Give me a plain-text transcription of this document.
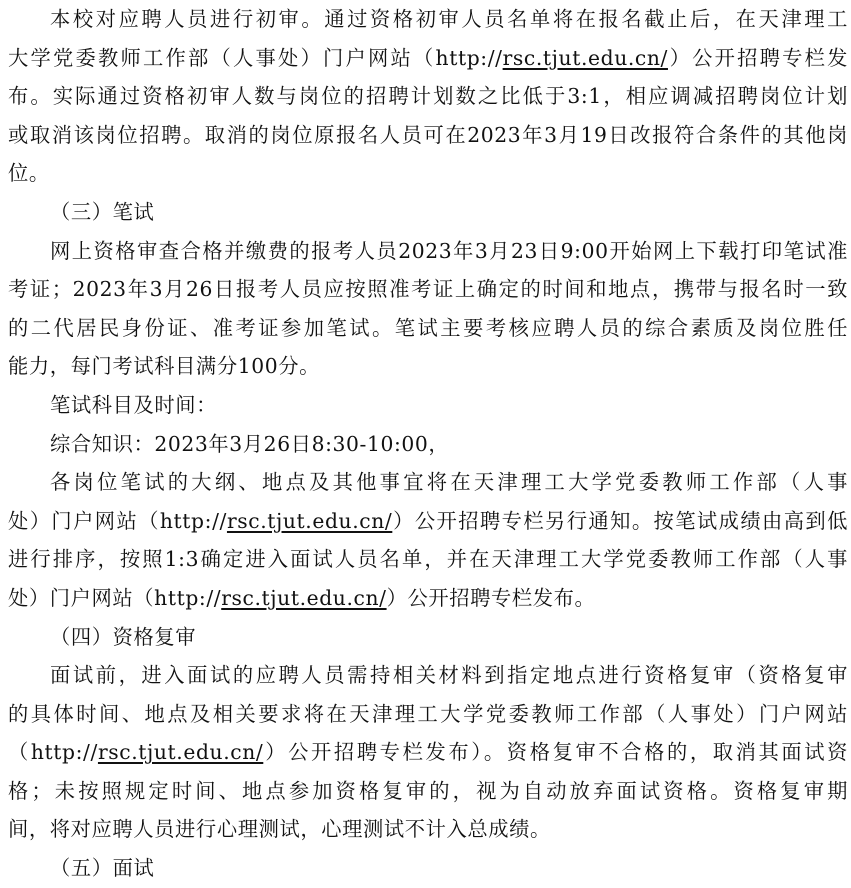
本校对应聘人员进行初审。通过资格初审人员名单将在报名截止后，在天津理工
大学党委教师工作部（人事处）门户网站（http://rsc.tjut.edu.cn/）公开招聘专栏发
布。实际通过资格初审人数与岗位的招聘计划数之比低于3:1，相应调减招聘岗位计划
或取消该岗位招聘。取消的岗位原报名人员可在2023年3月19日改报符合条件的其他岗
位。
（三）笔试
网上资格审查合格并缴费的报考人员2023年3月23日9:00开始网上下载打印笔试准
考证；2023年3月26日报考人员应按照准考证上确定的时间和地点，携带与报名时一致
的二代居民身份证、准考证参加笔试。笔试主要考核应聘人员的综合素质及岗位胜任
能力，每门考试科目满分100分。
笔试科目及时间：
综合知识：2023年3月26日8:30-10:00，
各岗位笔试的大纲、地点及其他事宜将在天津理工大学党委教师工作部（人事
处）门户网站（http://rsc.tjut.edu.cn/）公开招聘专栏另行通知。按笔试成绩由高到低
进行排序，按照1:3确定进入面试人员名单，并在天津理工大学党委教师工作部（人事
处）门户网站（http://rsc.tjut.edu.cn/）公开招聘专栏发布。
（四）资格复审
面试前，进入面试的应聘人员需持相关材料到指定地点进行资格复审（资格复审
的具体时间、地点及相关要求将在天津理工大学党委教师工作部（人事处）门户网站
（http://rsc.tjut.edu.cn/）公开招聘专栏发布）。资格复审不合格的，取消其面试资
格；未按照规定时间、地点参加资格复审的，视为自动放弃面试资格。资格复审期
间，将对应聘人员进行心理测试，心理测试不计入总成绩。
（五）面试
